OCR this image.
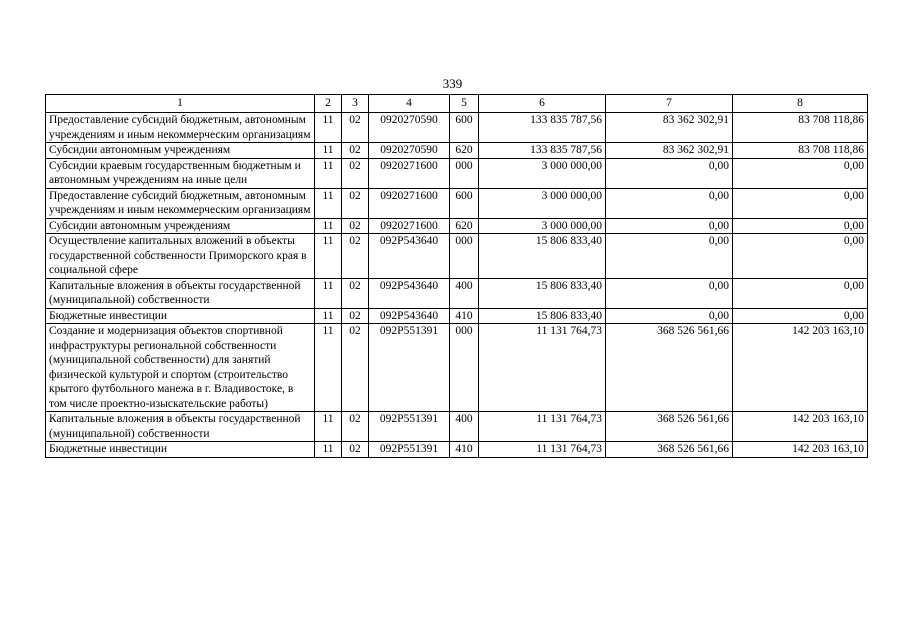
339
1	2	3	4	5	6	7	8
Предоставление субсидий бюджетным, автономным учреждениям и иным некоммерческим организациям	11	02	0920270590	600	133 835 787,56	83 362 302,91	83 708 118,86
Субсидии автономным учреждениям	11	02	0920270590	620	133 835 787,56	83 362 302,91	83 708 118,86
Субсидии краевым государственным бюджетным и автономным учреждениям на иные цели	11	02	0920271600	000	3 000 000,00	0,00	0,00
Предоставление субсидий бюджетным, автономным учреждениям и иным некоммерческим организациям	11	02	0920271600	600	3 000 000,00	0,00	0,00
Субсидии автономным учреждениям	11	02	0920271600	620	3 000 000,00	0,00	0,00
Осуществление капитальных вложений в объекты государственной собственности Приморского края в социальной сфере	11	02	092P543640	000	15 806 833,40	0,00	0,00
Капитальные вложения в объекты государственной (муниципальной) собственности	11	02	092P543640	400	15 806 833,40	0,00	0,00
Бюджетные инвестиции	11	02	092P543640	410	15 806 833,40	0,00	0,00
Создание и модернизация объектов спортивной инфраструктуры региональной собственности (муниципальной собственности) для занятий физической культурой и спортом (строительство крытого футбольного манежа в г. Владивостоке, в том числе проектно-изыскательские работы)	11	02	092P551391	000	11 131 764,73	368 526 561,66	142 203 163,10
Капитальные вложения в объекты государственной (муниципальной) собственности	11	02	092P551391	400	11 131 764,73	368 526 561,66	142 203 163,10
Бюджетные инвестиции	11	02	092P551391	410	11 131 764,73	368 526 561,66	142 203 163,10
